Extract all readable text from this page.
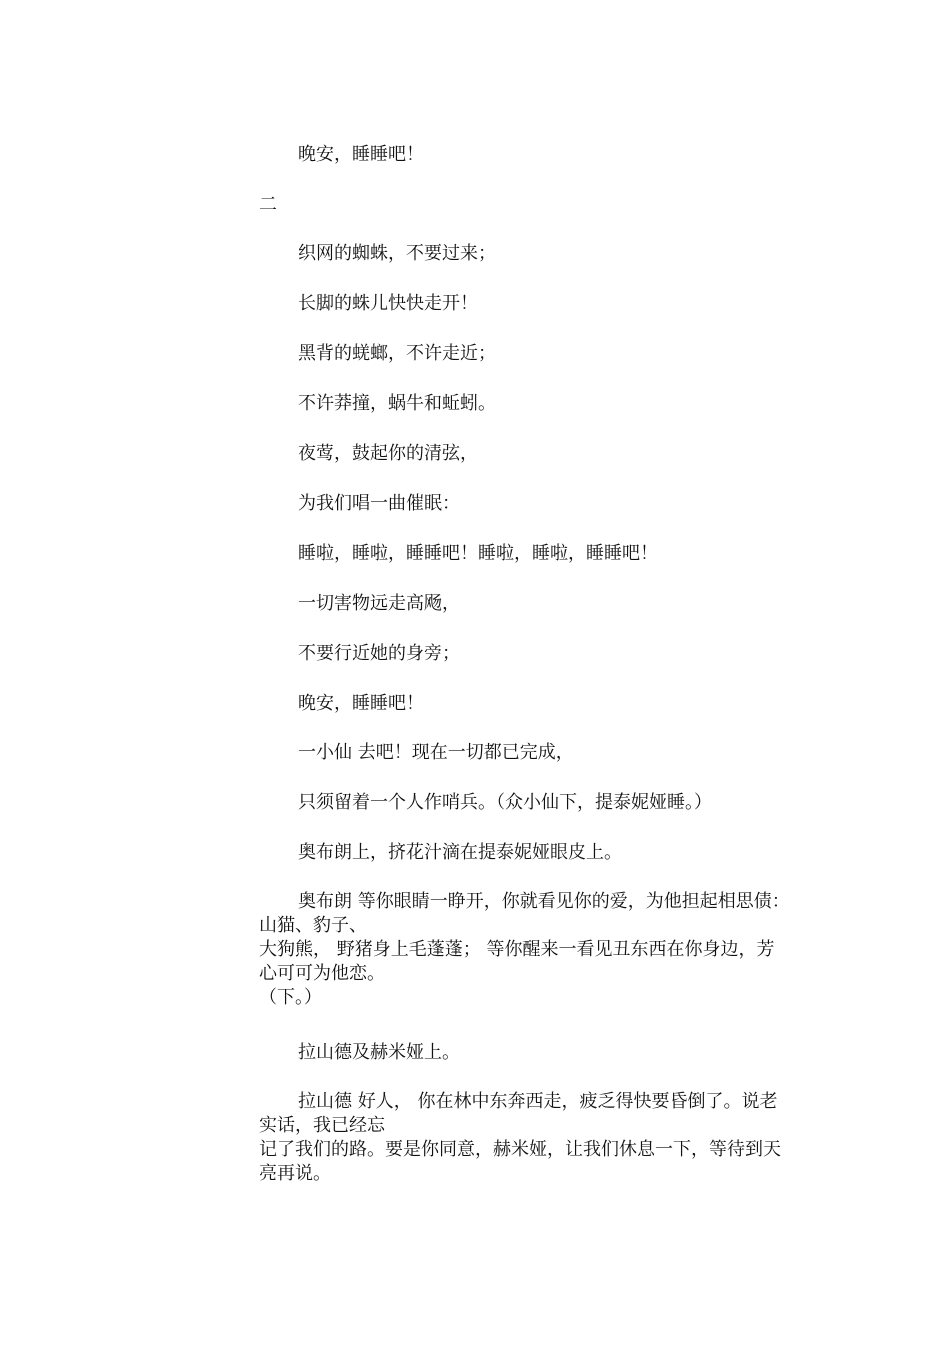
晚安，睡睡吧！
二
织网的蜘蛛，不要过来；
长脚的蛛儿快快走开！
黑背的蜣螂，不许走近；
不许莽撞，蜗牛和蚯蚓。
夜莺，鼓起你的清弦，
为我们唱一曲催眠：
睡啦，睡啦，睡睡吧！睡啦，睡啦，睡睡吧！
一切害物远走高飏，
不要行近她的身旁；
晚安，睡睡吧！
一小仙 去吧！现在一切都已完成，
只须留着一个人作哨兵。（众小仙下，提泰妮娅睡。）
奥布朗上，挤花汁滴在提泰妮娅眼皮上。
奥布朗 等你眼睛一睁开，你就看见你的爱，为他担起相思债：
山猫、豹子、
大狗熊， 野猪身上毛蓬蓬； 等你醒来一看见丑东西在你身边，芳
心可可为他恋。
（下。）
拉山德及赫米娅上。
拉山德 好人， 你在林中东奔西走，疲乏得快要昏倒了。说老
实话，我已经忘
记了我们的路。要是你同意，赫米娅，让我们休息一下，等待到天
亮再说。
